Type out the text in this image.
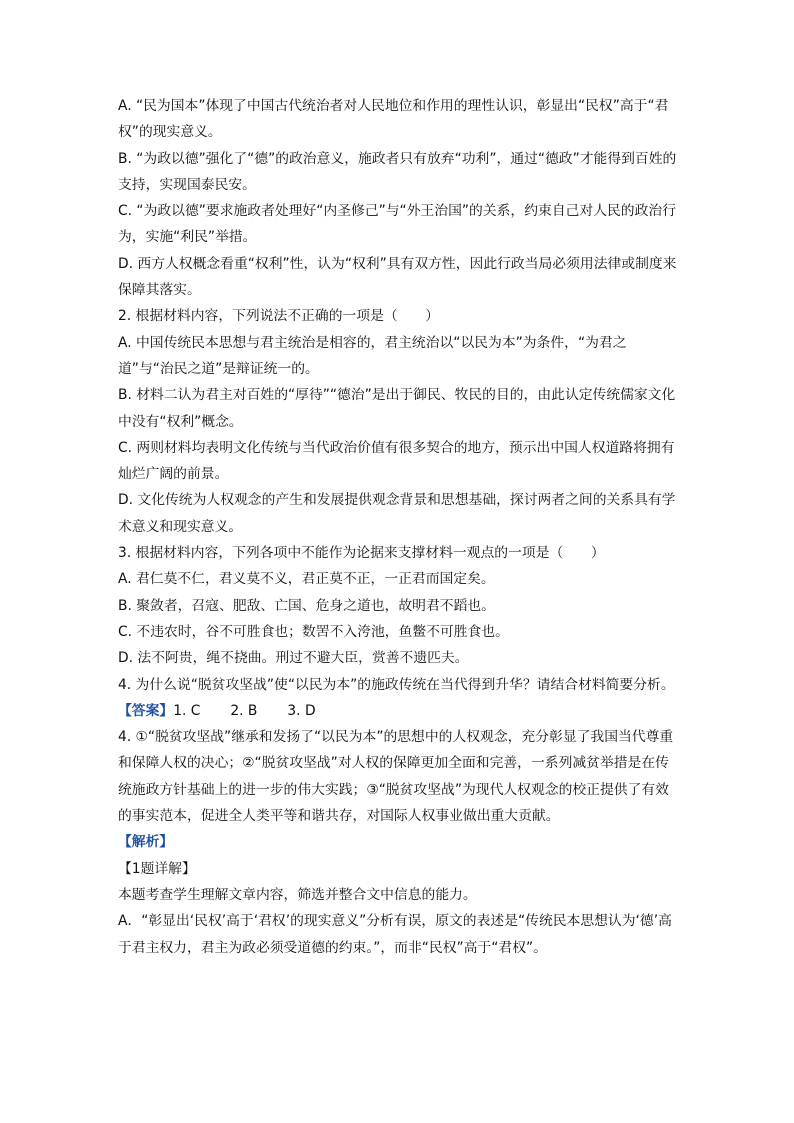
A. “民为国本”体现了中国古代统治者对人民地位和作用的理性认识，彰显出“民权”高于“君权”的现实意义。

B. “为政以德”强化了“德”的政治意义，施政者只有放弃“功利”，通过“德政”才能得到百姓的支持，实现国泰民安。

C. “为政以德”要求施政者处理好“内圣修己”与“外王治国”的关系，约束自己对人民的政治行为，实施“利民”举措。

D. 西方人权概念看重“权利”性，认为“权利”具有双方性，因此行政当局必须用法律或制度来保障其落实。

2. 根据材料内容，下列说法不正确的一项是（　　）

A. 中国传统民本思想与君主统治是相容的，君主统治以“以民为本”为条件，“为君之道”与“治民之道”是辩证统一的。

B. 材料二认为君主对百姓的“厚待”“德治”是出于御民、牧民的目的，由此认定传统儒家文化中没有“权利”概念。

C. 两则材料均表明文化传统与当代政治价值有很多契合的地方，预示出中国人权道路将拥有灿烂广阔的前景。

D. 文化传统为人权观念的产生和发展提供观念背景和思想基础，探讨两者之间的关系具有学术意义和现实意义。

3. 根据材料内容，下列各项中不能作为论据来支撑材料一观点的一项是（　　）

A. 君仁莫不仁，君义莫不义，君正莫不正，一正君而国定矣。

B. 聚敛者，召寇、肥敌、亡国、危身之道也，故明君不蹈也。

C. 不违农时，谷不可胜食也；数罟不入洿池，鱼鳖不可胜食也。

D. 法不阿贵，绳不挠曲。刑过不避大臣，赏善不遗匹夫。

4. 为什么说“脱贫攻坚战”使“以民为本”的施政传统在当代得到升华？请结合材料简要分析。

【答案】1. C 2. B 3. D

4. ①“脱贫攻坚战”继承和发扬了“以民为本”的思想中的人权观念，充分彰显了我国当代尊重和保障人权的决心；②“脱贫攻坚战”对人权的保障更加全面和完善，一系列减贫举措是在传统施政方针基础上的进一步的伟大实践；③“脱贫攻坚战”为现代人权观念的校正提供了有效的事实范本，促进全人类平等和谐共存，对国际人权事业做出重大贡献。

【解析】

【1题详解】

本题考查学生理解文章内容，筛选并整合文中信息的能力。

A．“彰显出‘民权’高于‘君权’的现实意义”分析有误，原文的表述是“传统民本思想认为‘德’高于君主权力，君主为政必须受道德的约束。”，而非“民权”高于“君权”。
